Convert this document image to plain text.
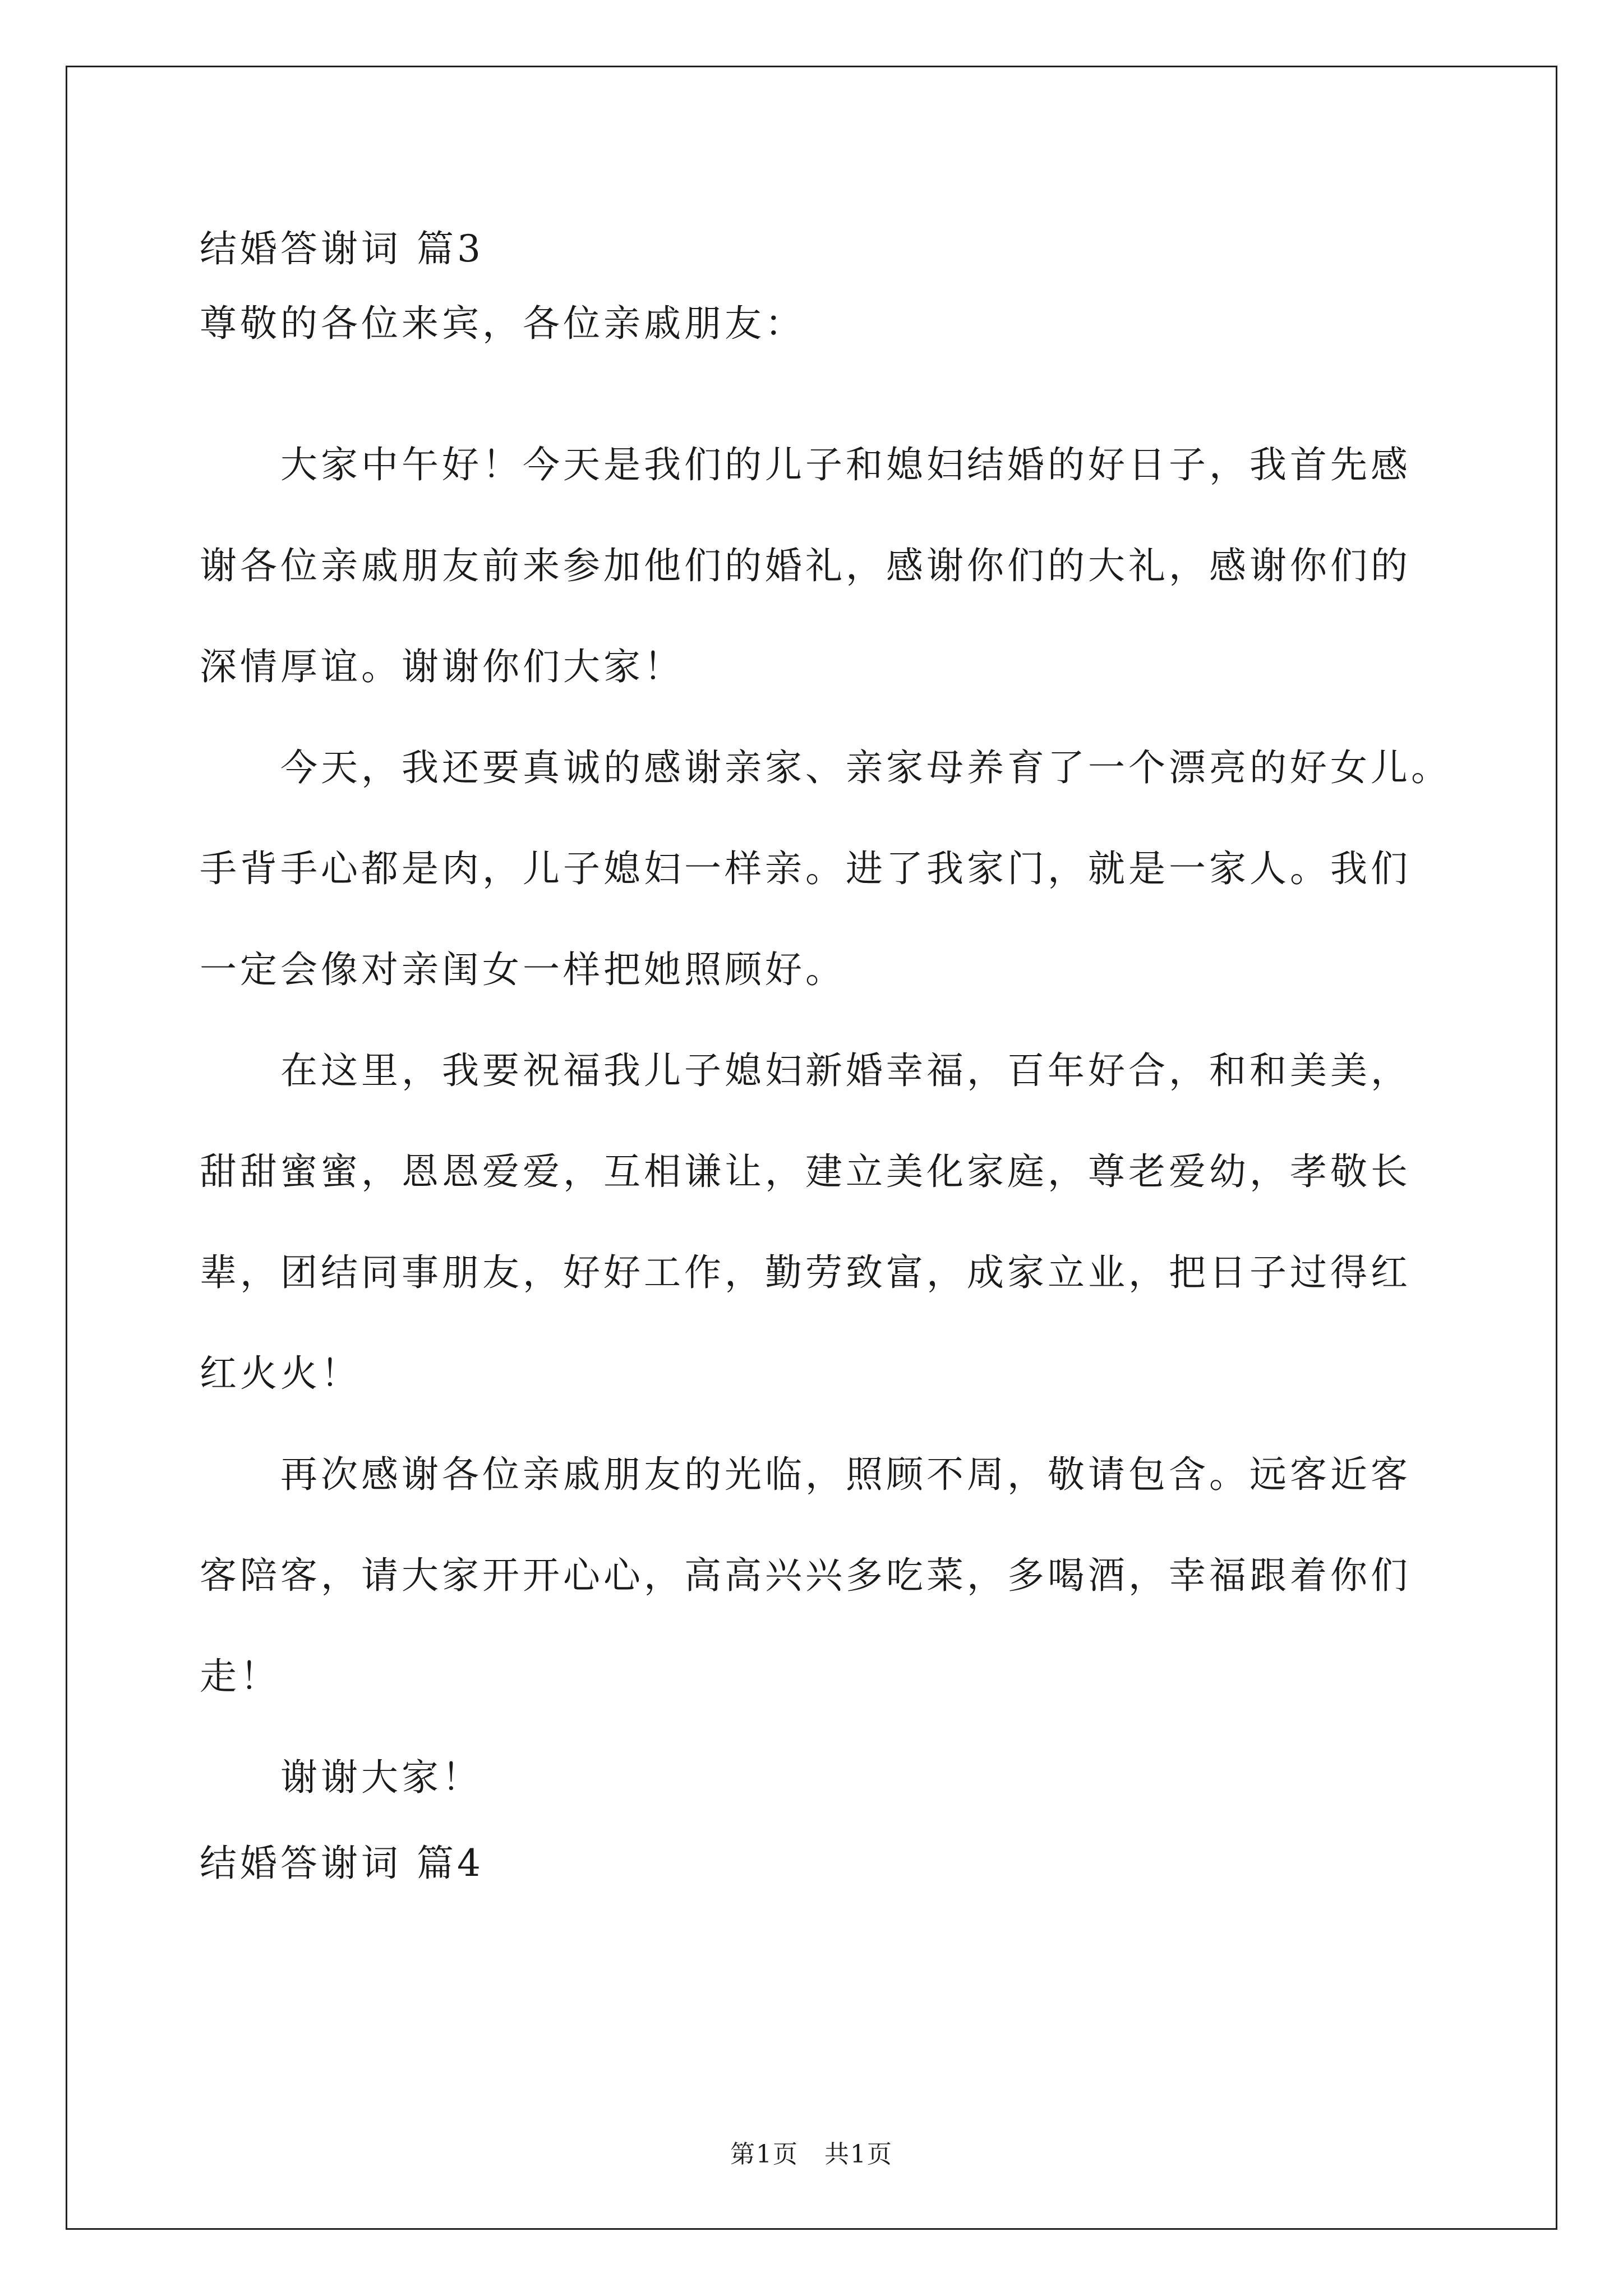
结婚答谢词 篇3
尊敬的各位来宾，各位亲戚朋友：
大家中午好！今天是我们的儿子和媳妇结婚的好日子，我首先感
谢各位亲戚朋友前来参加他们的婚礼，感谢你们的大礼，感谢你们的
深情厚谊。谢谢你们大家！
今天，我还要真诚的感谢亲家、亲家母养育了一个漂亮的好女儿。
手背手心都是肉，儿子媳妇一样亲。进了我家门，就是一家人。我们
一定会像对亲闺女一样把她照顾好。
在这里，我要祝福我儿子媳妇新婚幸福，百年好合，和和美美，
甜甜蜜蜜，恩恩爱爱，互相谦让，建立美化家庭，尊老爱幼，孝敬长
辈，团结同事朋友，好好工作，勤劳致富，成家立业，把日子过得红
红火火！
再次感谢各位亲戚朋友的光临，照顾不周，敬请包含。远客近客
客陪客，请大家开开心心，高高兴兴多吃菜，多喝酒，幸福跟着你们
走！
谢谢大家！
结婚答谢词 篇4
第1页　共1页
